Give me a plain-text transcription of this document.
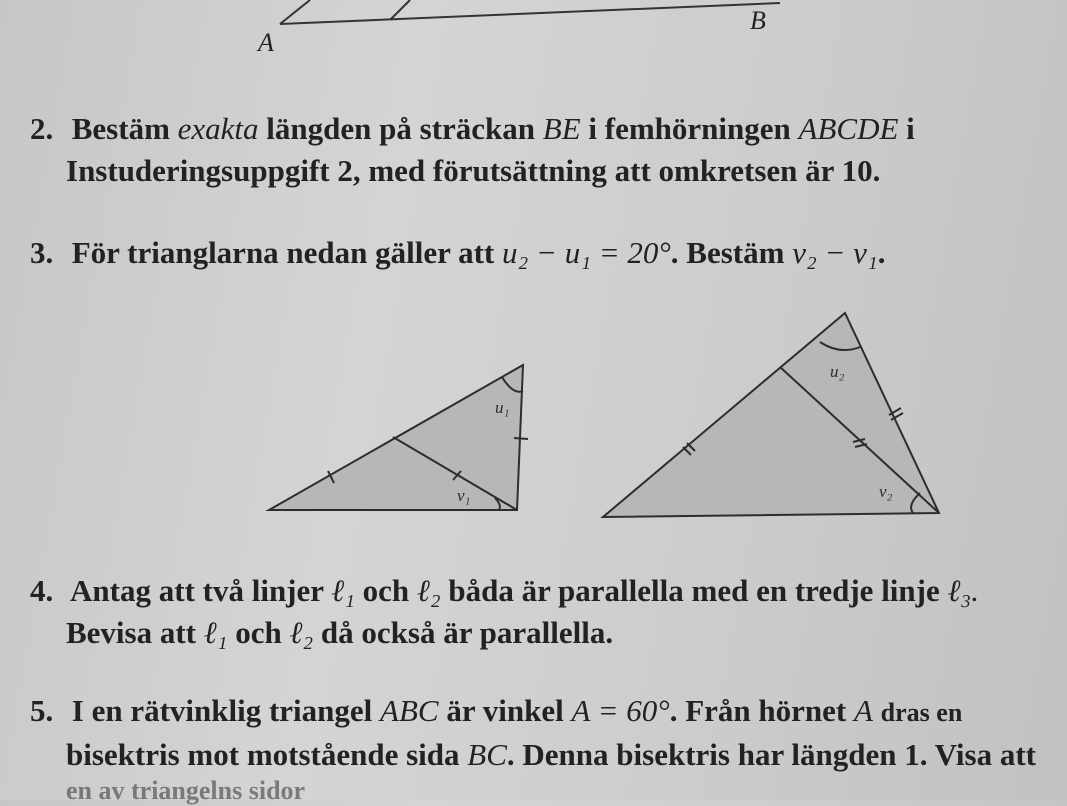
A
B
2. Bestäm exakta längden på sträckan BE i femhörningen ABCDE i
Instuderingsuppgift 2, med förutsättning att omkretsen är 10.
3. För trianglarna nedan gäller att u₂ − u₁ = 20°. Bestäm v₂ − v₁.
u₁
v₁
u₂
v₂
4. Antag att två linjer ℓ₁ och ℓ₂ båda är parallella med en tredje linje ℓ₃.
Bevisa att ℓ₁ och ℓ₂ då också är parallella.
5. I en rätvinklig triangel ABC är vinkel A = 60°. Från hörnet A dras en
bisektris mot motstående sida BC. Denna bisektris har längden 1. Visa att
en av triangelns sidor
